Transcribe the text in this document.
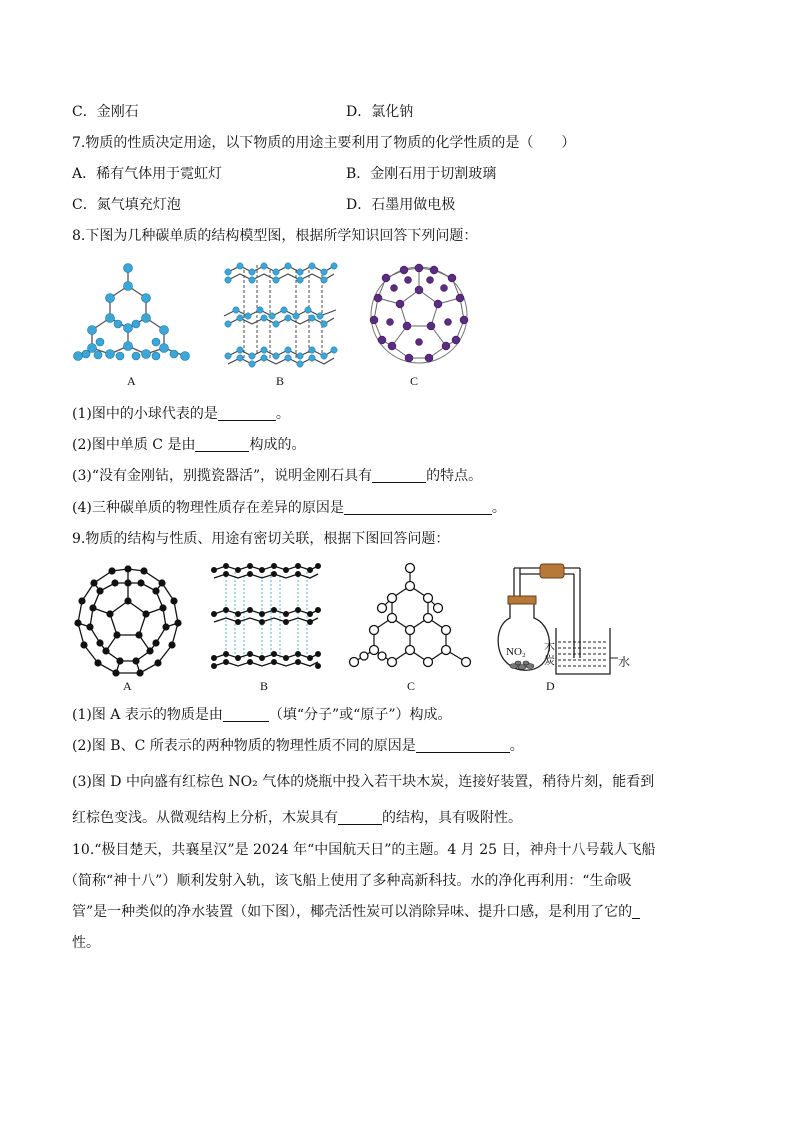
C．金刚石	D．氯化钠
7.物质的性质决定用途，以下物质的用途主要利用了物质的化学性质的是（　　）
A．稀有气体用于霓虹灯	B．金刚石用于切割玻璃
C．氮气填充灯泡	D．石墨用做电极
8.下图为几种碳单质的结构模型图，根据所学知识回答下列问题：
A	B	C
(1)图中的小球代表的是	。
(2)图中单质 C 是由	构成的。
(3)“没有金刚钻，别揽瓷器活”，说明金刚石具有	的特点。
(4)三种碳单质的物理性质存在差异的原因是	。
9.物质的结构与性质、用途有密切关联，根据下图回答问题：
A	B	C
NO₂ 木
炭	水
D
(1)图 A 表示的物质是由	（填“分子”或“原子”）构成。
(2)图 B、C 所表示的两种物质的物理性质不同的原因是	。
(3)图 D 中向盛有红棕色 NO₂ 气体的烧瓶中投入若干块木炭，连接好装置，稍待片刻，能看到
红棕色变浅。从微观结构上分析，木炭具有	的结构，具有吸附性。
10.“极目楚天，共襄星汉”是 2024 年“中国航天日”的主题。4 月 25 日，神舟十八号载人飞船
（简称“神十八”）顺利发射入轨，该飞船上使用了多种高新科技。水的净化再利用：“生命吸
管”是一种类似的净水装置（如下图），椰壳活性炭可以消除异味、提升口感，是利用了它的
性。
